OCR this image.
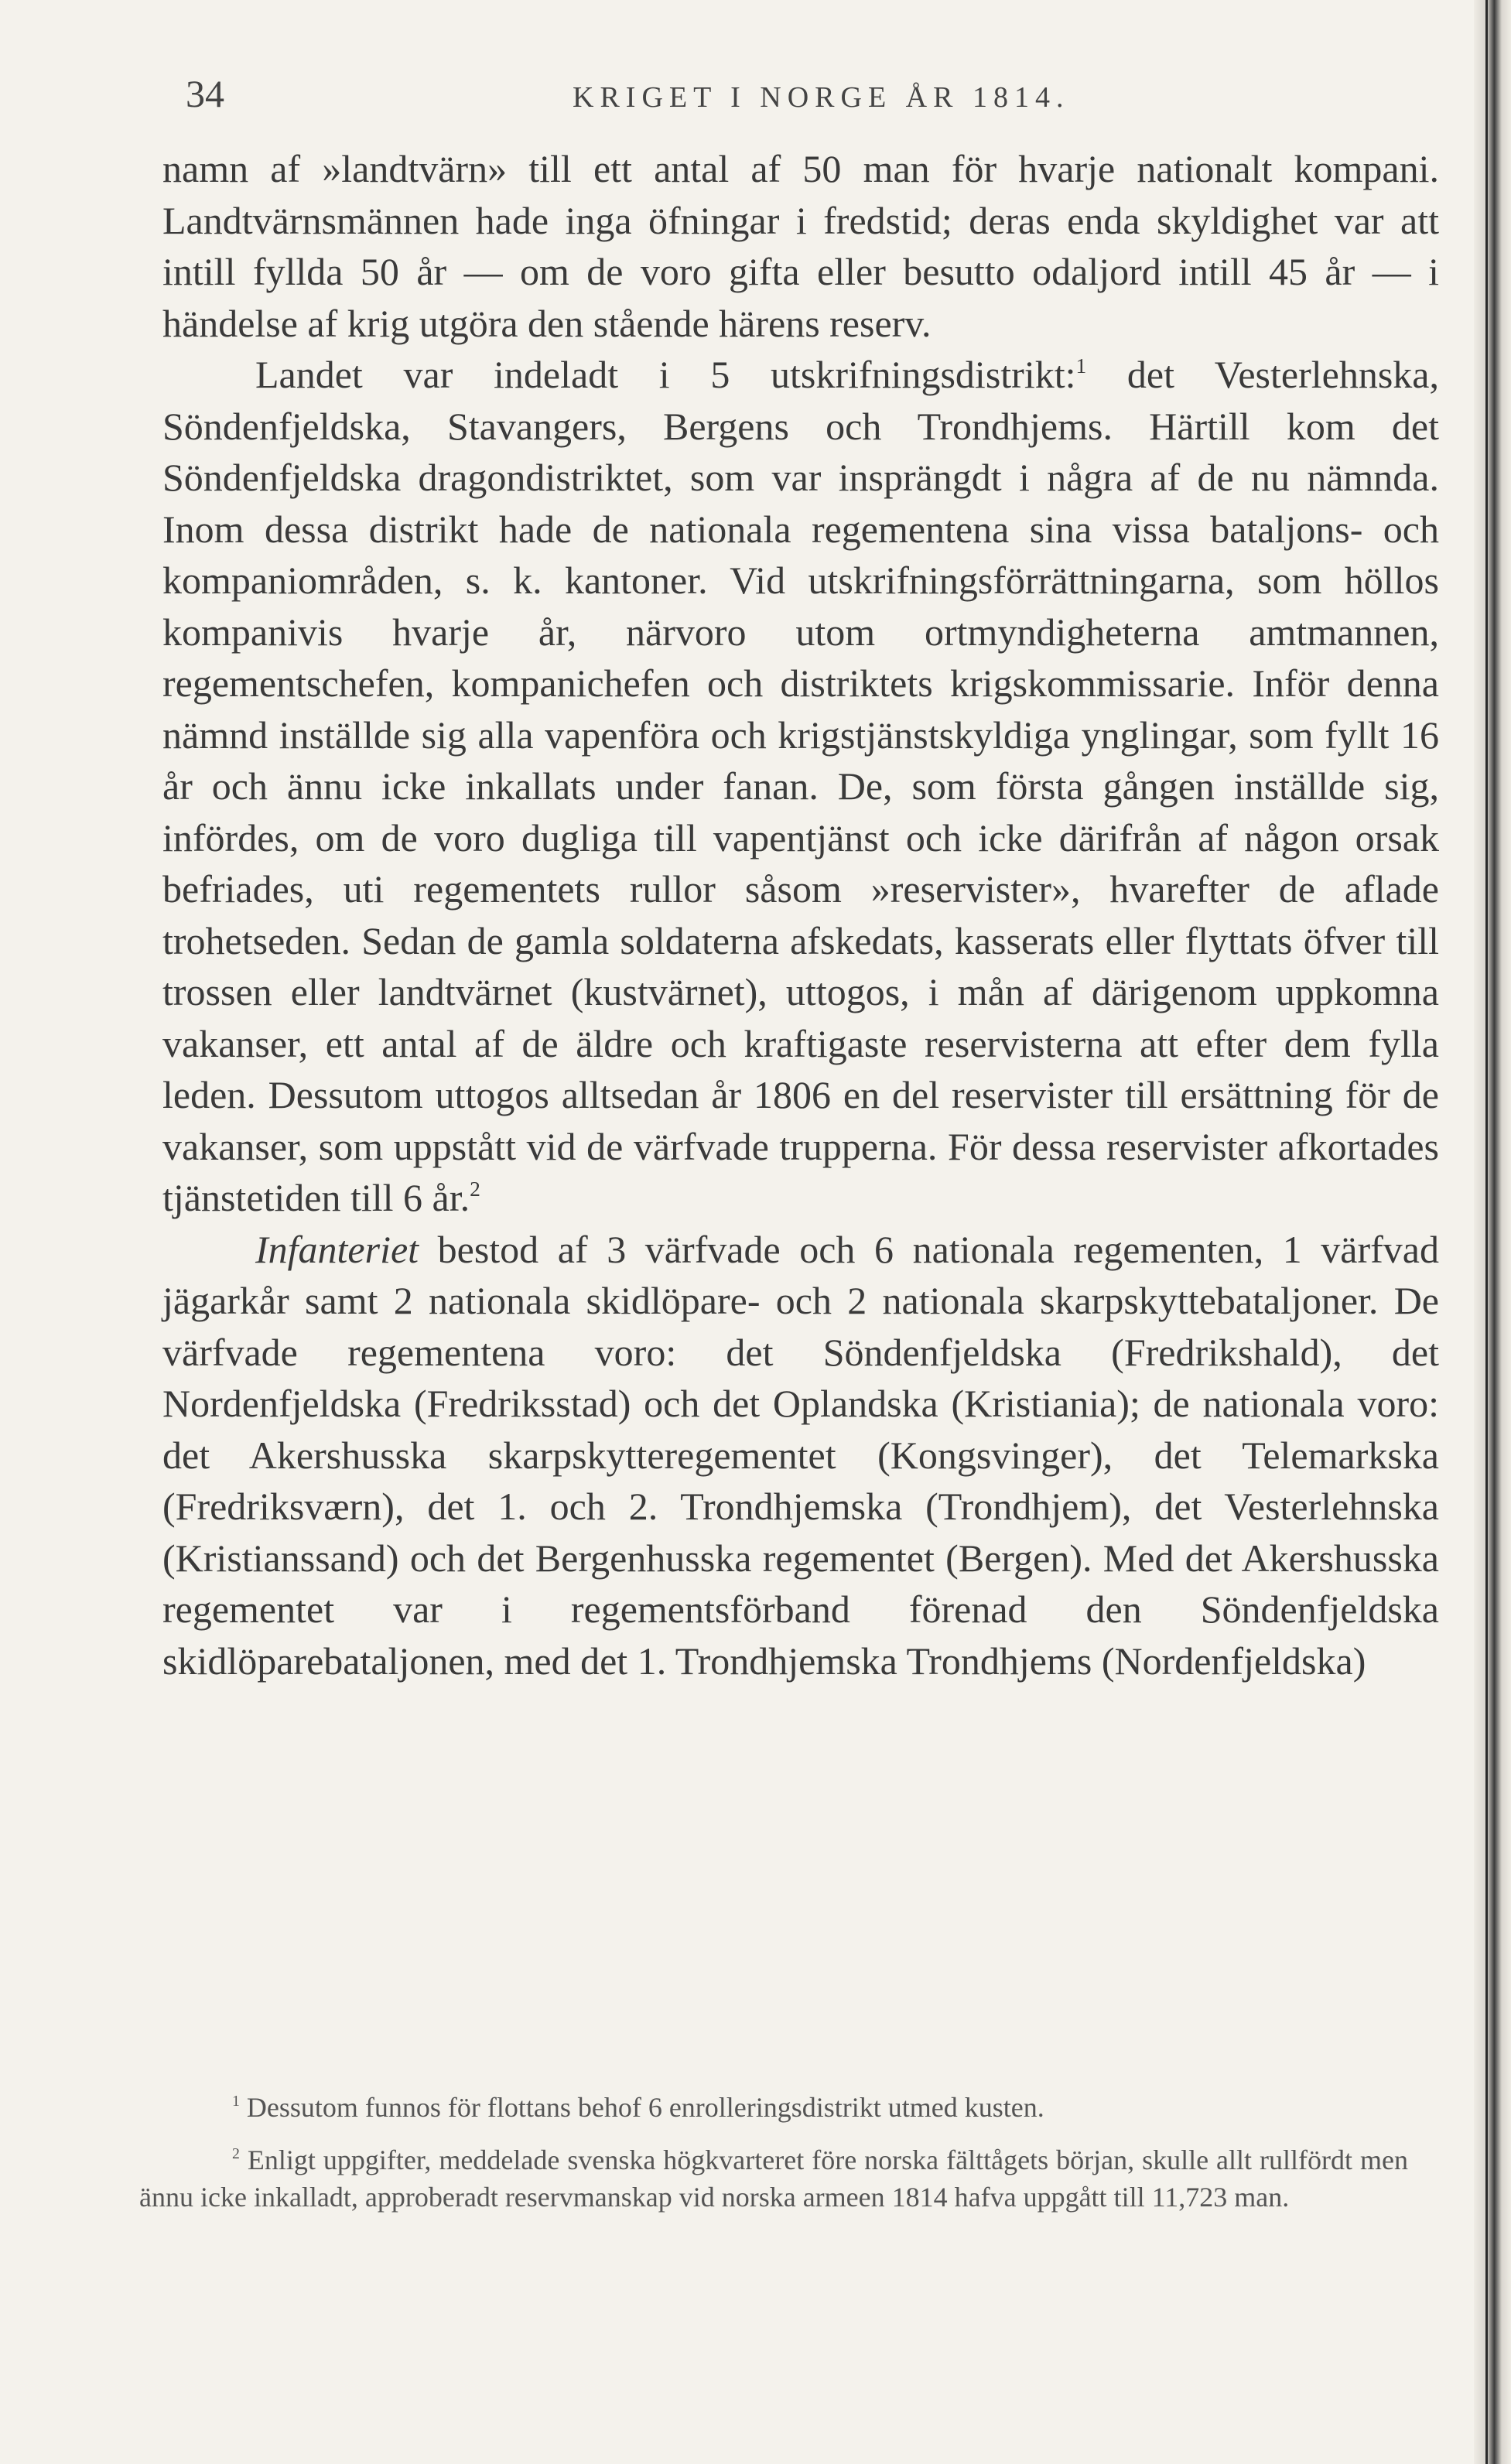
34	KRIGET I NORGE ÅR 1814.

namn af »landtvärn» till ett antal af 50 man för hvarje nationalt kompani. Landtvärnsmännen hade inga öfningar i fredstid; deras enda skyldighet var att intill fyllda 50 år — om de voro gifta eller besutto odaljord intill 45 år — i händelse af krig utgöra den stående härens reserv.

Landet var indeladt i 5 utskrifningsdistrikt:$^1$ det Vesterlehnska, Söndenfjeldska, Stavangers, Bergens och Trondhjems. Härtill kom det Söndenfjeldska dragondistriktet, som var insprängdt i några af de nu nämnda. Inom dessa distrikt hade de nationala regementena sina vissa bataljons- och kompaniområden, s. k. kantoner. Vid utskrifningsförrättningarna, som höllos kompanivis hvarje år, närvoro utom ortmyndigheterna amtmannen, regementschefen, kompanichefen och distriktets krigskommissarie. Inför denna nämnd inställde sig alla vapenföra och krigstjänstskyldiga ynglingar, som fyllt 16 år och ännu icke inkallats under fanan. De, som första gången inställde sig, infördes, om de voro dugliga till vapentjänst och icke därifrån af någon orsak befriades, uti regementets rullor såsom »reservister», hvarefter de aflade trohetseden. Sedan de gamla soldaterna afskedats, kasserats eller flyttats öfver till trossen eller landtvärnet (kustvärnet), uttogos, i mån af därigenom uppkomna vakanser, ett antal af de äldre och kraftigaste reservisterna att efter dem fylla leden. Dessutom uttogos alltsedan år 1806 en del reservister till ersättning för de vakanser, som uppstått vid de värfvade trupperna. För dessa reservister afkortades tjänstetiden till 6 år.$^2$

Infanteriet bestod af 3 värfvade och 6 nationala regementen, 1 värfvad jägarkår samt 2 nationala skidlöpare- och 2 nationala skarpskyttebataljoner. De värfvade regementena voro: det Söndenfjeldska (Fredrikshald), det Nordenfjeldska (Fredriksstad) och det Oplandska (Kristiania); de nationala voro: det Akershusska skarpskytteregementet (Kongsvinger), det Telemarkska (Fredriksværn), det 1. och 2. Trondhjemska (Trondhjem), det Vesterlehnska (Kristianssand) och det Bergenhusska regementet (Bergen). Med det Akershusska regementet var i regementsförband förenad den Söndenfjeldska skidlöparebataljonen, med det 1. Trondhjemska Trondhjems (Nordenfjeldska)

$^1$ Dessutom funnos för flottans behof 6 enrolleringsdistrikt utmed kusten.

$^2$ Enligt uppgifter, meddelade svenska högkvarteret före norska fälttågets början, skulle allt rullfördt men ännu icke inkalladt, approberadt reservmanskap vid norska armeen 1814 hafva uppgått till 11,723 man.
